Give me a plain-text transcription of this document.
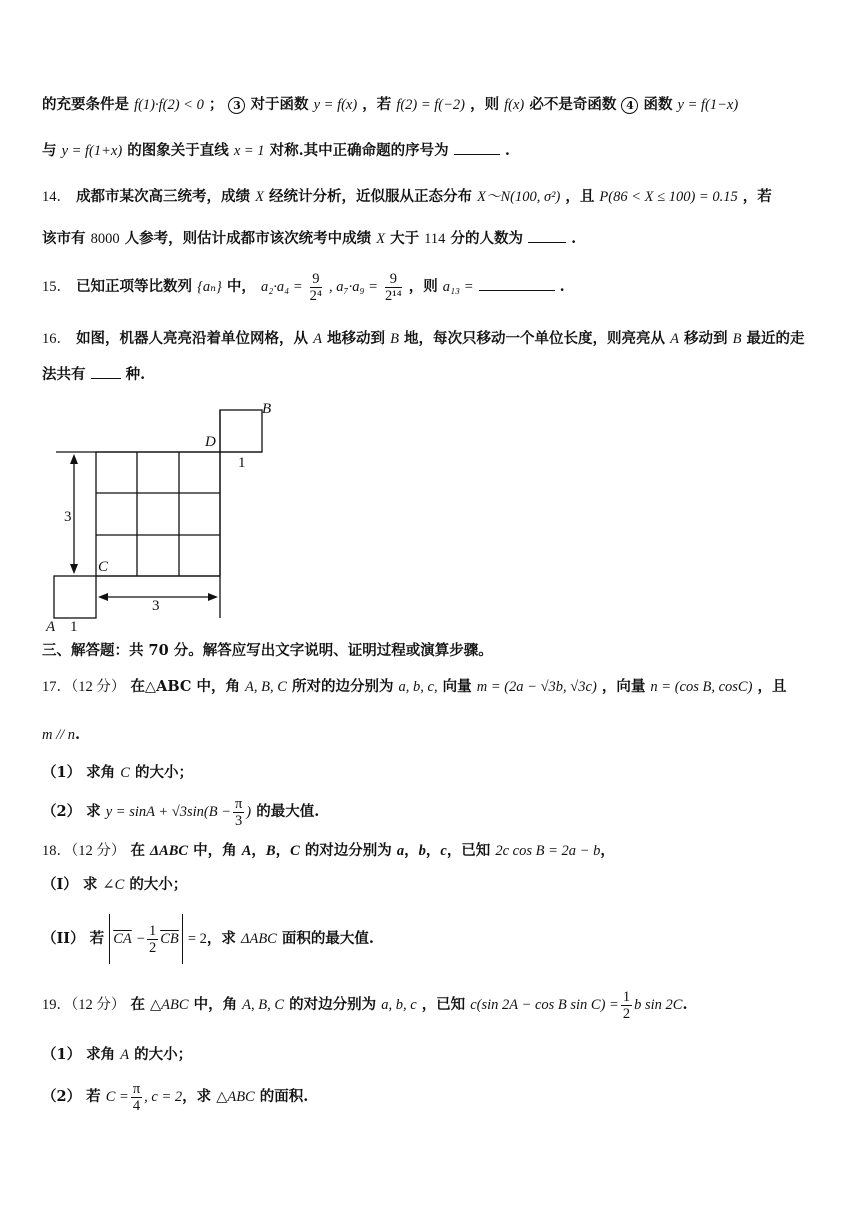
的充要条件是 f(1)·f(2) < 0 ； 3 对于函数 y = f(x) ，若 f(2) = f(−2) ，则 f(x) 必不是奇函数 4 函数 y = f(1−x)
与 y = f(1+x) 的图象关于直线 x = 1 对称.其中正确命题的序号为	.
14． 成都市某次高三统考，成绩 X 经统计分析，近似服从正态分布 X～N(100, σ²) ，且 P(86 < X ≤ 100) = 0.15 ，若
该市有 8000 人参考，则估计成都市该次统考中成绩 X 大于 114 分的人数为	.
15． 已知正项等比数列 {aₙ} 中， $a_2\cdot a_4 = \frac{9}{\text{2⁴}}$ , $a_7\cdot a_9 = \frac{9}{\text{2¹⁴}}$ ，则 a₁₃ =	.
16． 如图，机器人亮亮沿着单位网格，从 A 地移动到 B 地，每次只移动一个单位长度，则亮亮从 A 移动到 B 最近的走
法共有	种.
B
D
1
3
C
3
A 1
三、解答题：共 70 分。解答应写出文字说明、证明过程或演算步骤。
17．（12 分） 在△ABC 中，角 A, B, C 所对的边分别为 a, b, c, 向量 m = (2a − √3b, √3c) ，向量 n = (cos B, cosC) ，且
m // n.
（1） 求角 C 的大小；
（2） 求 $y = \sin A + √3\sin(B - \frac{\pi}{3}$ ) 的最大值.
18．（12 分） 在 ΔABC 中，角 A，B，C 的对边分别为 a，b，c，已知 2c cos B = 2a − b，
（I） 求 ∠C 的大小；
（II） 若 $\overline{CA} - \frac{1}{2} \overline{CB} = 2$，求 ΔABC 面积的最大值.
19．（12 分） 在 △ABC 中，角 A, B, C 的对边分别为 a, b, c ，已知 c(sin 2A − cos B $\sin C) = \frac{1}{2}$ b sin 2C.
（1） 求角 A 的大小；
（2） 若 $C = \frac{\pi}{4}$ , c = 2，求 △ABC 的面积.
